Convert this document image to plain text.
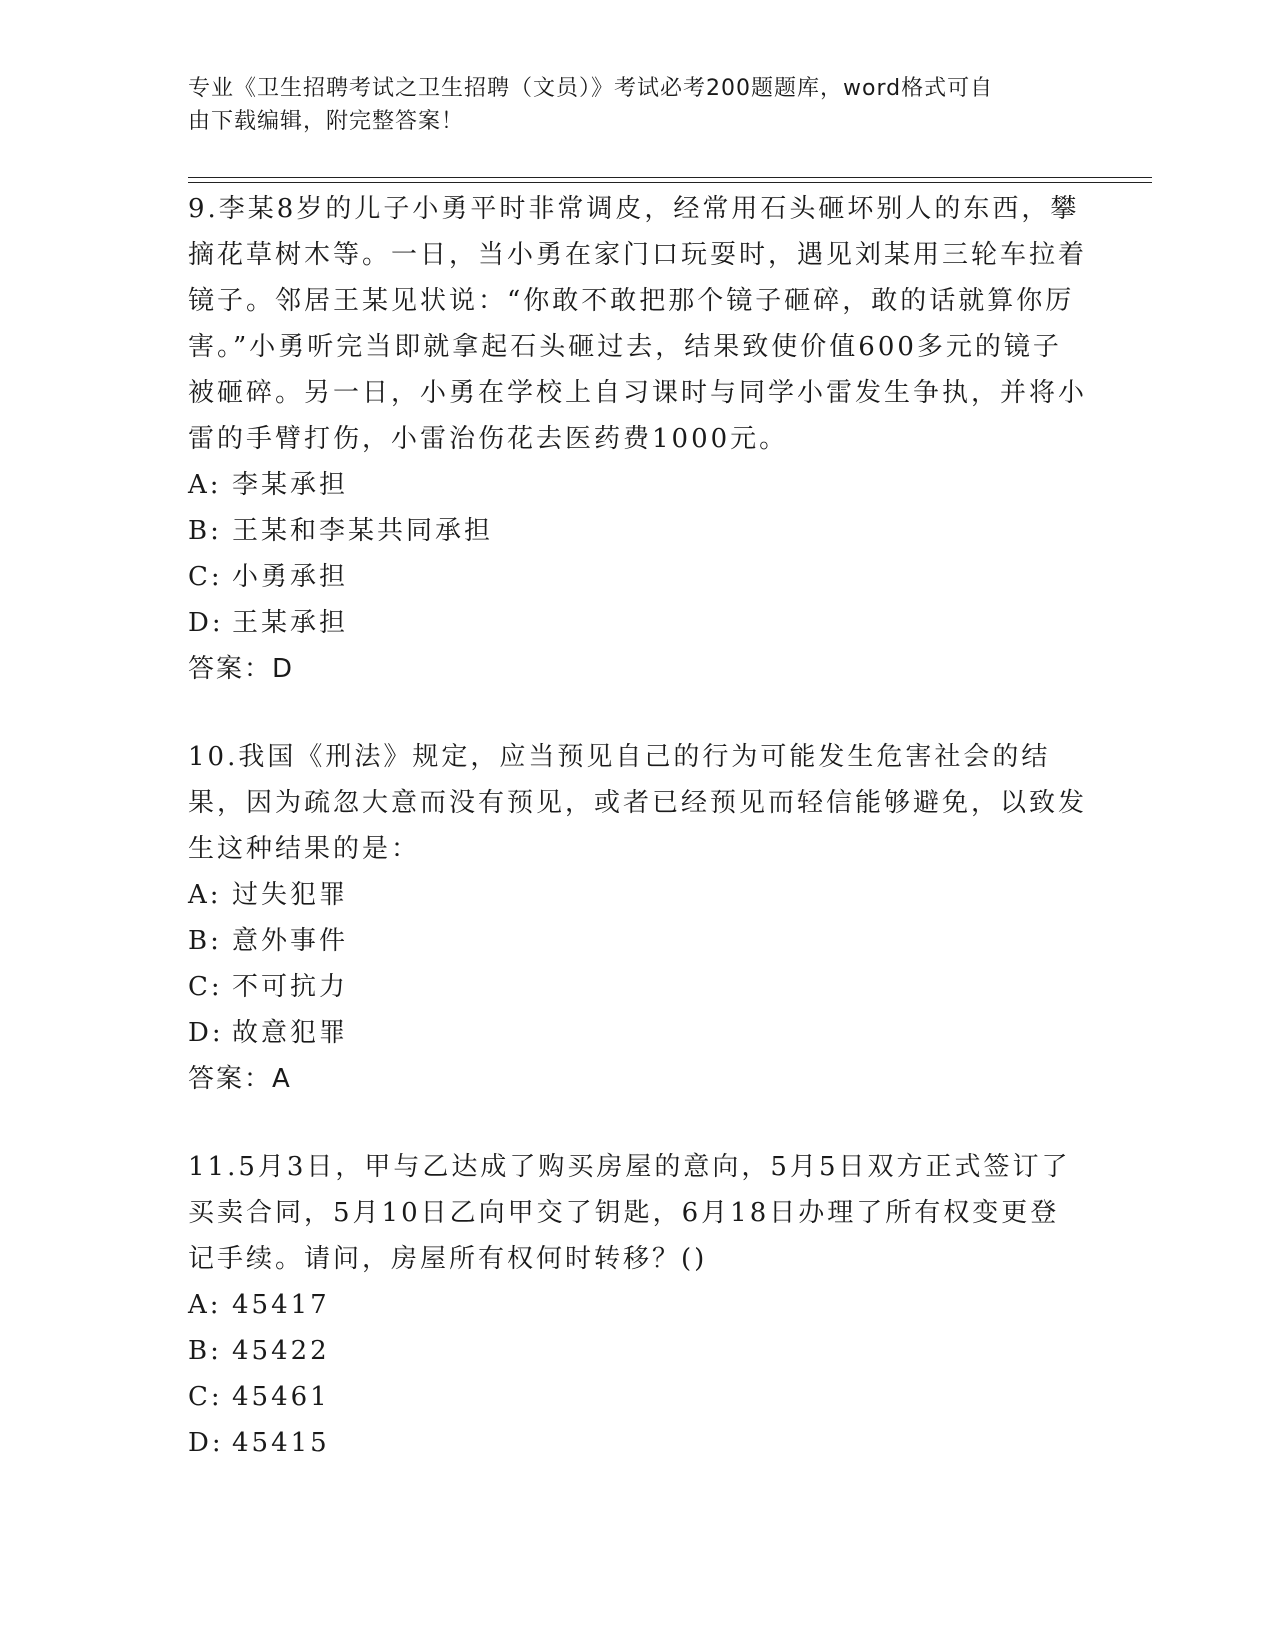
专业《卫生招聘考试之卫生招聘（文员）》考试必考200题题库，word格式可自
由下载编辑，附完整答案！

9.李某8岁的儿子小勇平时非常调皮，经常用石头砸坏别人的东西，攀摘花草树木等。一日，当小勇在家门口玩耍时，遇见刘某用三轮车拉着镜子。邻居王某见状说：“你敢不敢把那个镜子砸碎，敢的话就算你厉害。”小勇听完当即就拿起石头砸过去，结果致使价值600多元的镜子被砸碎。另一日，小勇在学校上自习课时与同学小雷发生争执，并将小雷的手臂打伤，小雷治伤花去医药费1000元。

A: 李某承担

B: 王某和李某共同承担

C: 小勇承担

D: 王某承担

答案：D

10.我国《刑法》规定，应当预见自己的行为可能发生危害社会的结果，因为疏忽大意而没有预见，或者已经预见而轻信能够避免，以致发生这种结果的是：

A: 过失犯罪

B: 意外事件

C: 不可抗力

D: 故意犯罪

答案：A

11.5月3日，甲与乙达成了购买房屋的意向，5月5日双方正式签订了买卖合同，5月10日乙向甲交了钥匙，6月18日办理了所有权变更登记手续。请问，房屋所有权何时转移？()

A: 45417

B: 45422

C: 45461

D: 45415
